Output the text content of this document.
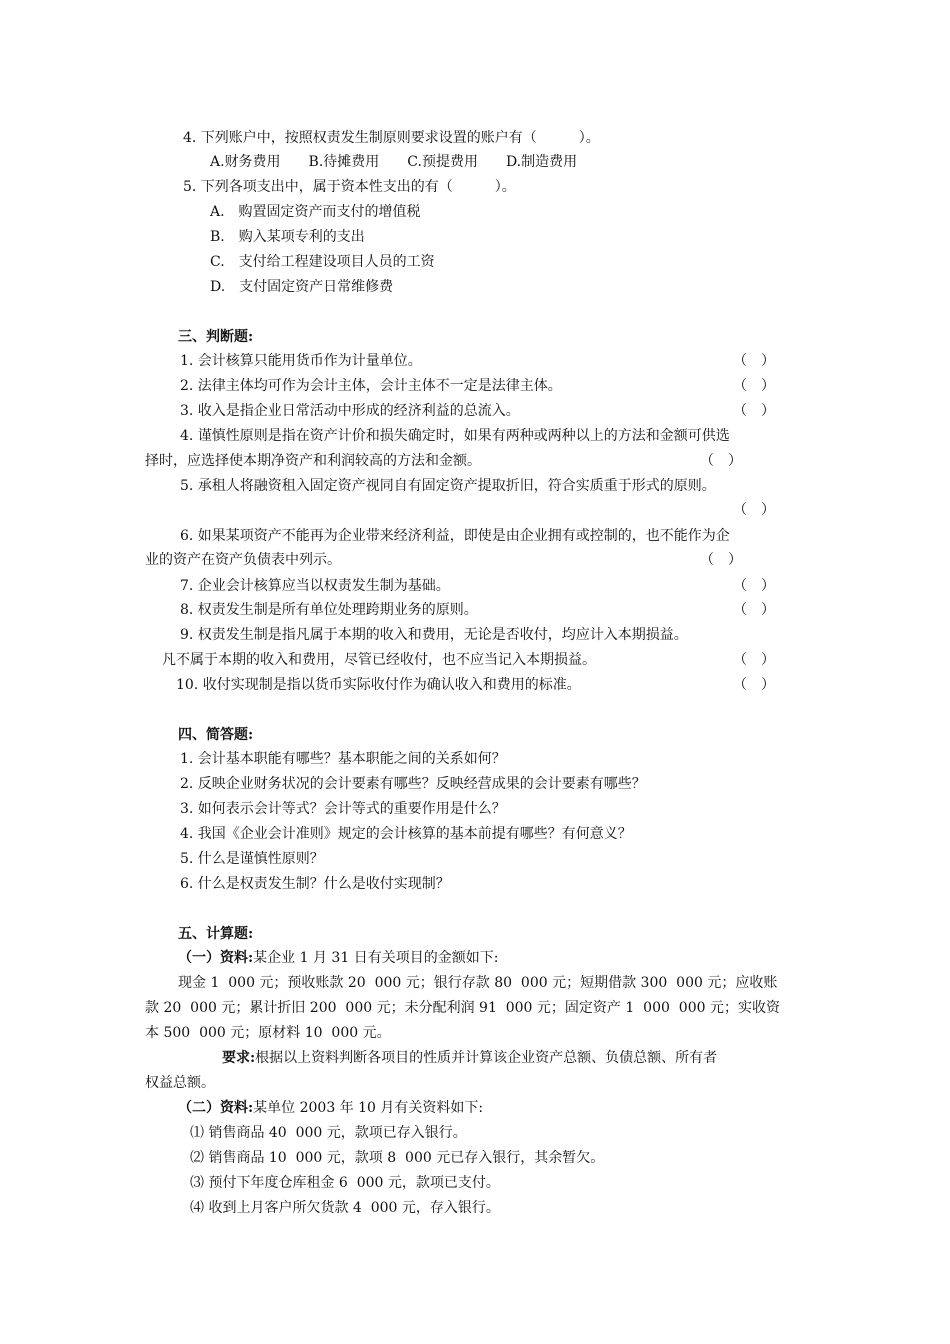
4. 下列账户中，按照权责发生制原则要求设置的账户有（　　　）。
A.财务费用　　B.待摊费用　　C.预提费用　　D.制造费用
5. 下列各项支出中，属于资本性支出的有（　　　）。
A.　购置固定资产而支付的增值税
B.　购入某项专利的支出
C.　支付给工程建设项目人员的工资
D.　支付固定资产日常维修费
三、判断题:
1. 会计核算只能用货币作为计量单位。	（　）
2. 法律主体均可作为会计主体，会计主体不一定是法律主体。	（　）
3. 收入是指企业日常活动中形成的经济利益的总流入。	（　）
4. 谨慎性原则是指在资产计价和损失确定时，如果有两种或两种以上的方法和金额可供选
择时，应选择使本期净资产和利润较高的方法和金额。	（　）
5. 承租人将融资租入固定资产视同自有固定资产提取折旧，符合实质重于形式的原则。
（　）
6. 如果某项资产不能再为企业带来经济利益，即使是由企业拥有或控制的，也不能作为企
业的资产在资产负债表中列示。	（　）
7. 企业会计核算应当以权责发生制为基础。	（　）
8. 权责发生制是所有单位处理跨期业务的原则。	（　）
9. 权责发生制是指凡属于本期的收入和费用，无论是否收付，均应计入本期损益。
凡不属于本期的收入和费用，尽管已经收付，也不应当记入本期损益。	（　）
10. 收付实现制是指以货币实际收付作为确认收入和费用的标准。	（　）
四、简答题:
1. 会计基本职能有哪些？基本职能之间的关系如何？
2. 反映企业财务状况的会计要素有哪些？反映经营成果的会计要素有哪些？
3. 如何表示会计等式？会计等式的重要作用是什么？
4. 我国《企业会计准则》规定的会计核算的基本前提有哪些？有何意义？
5. 什么是谨慎性原则？
6. 什么是权责发生制？什么是收付实现制？
五、计算题:
（一）资料:某企业 1 月 31 日有关项目的金额如下:
现金 1  000 元；预收账款 20  000 元；银行存款 80  000 元；短期借款 300  000 元；应收账
款 20  000 元；累计折旧 200  000 元；未分配利润 91  000 元；固定资产 1  000  000 元；实收资
本 500  000 元；原材料 10  000 元。
要求:根据以上资料判断各项目的性质并计算该企业资产总额、负债总额、所有者
权益总额。
（二）资料:某单位 2003 年 10 月有关资料如下:
⑴ 销售商品 40  000 元，款项已存入银行。
⑵ 销售商品 10  000 元，款项 8  000 元已存入银行，其余暂欠。
⑶ 预付下年度仓库租金 6  000 元，款项已支付。
⑷ 收到上月客户所欠货款 4  000 元，存入银行。
